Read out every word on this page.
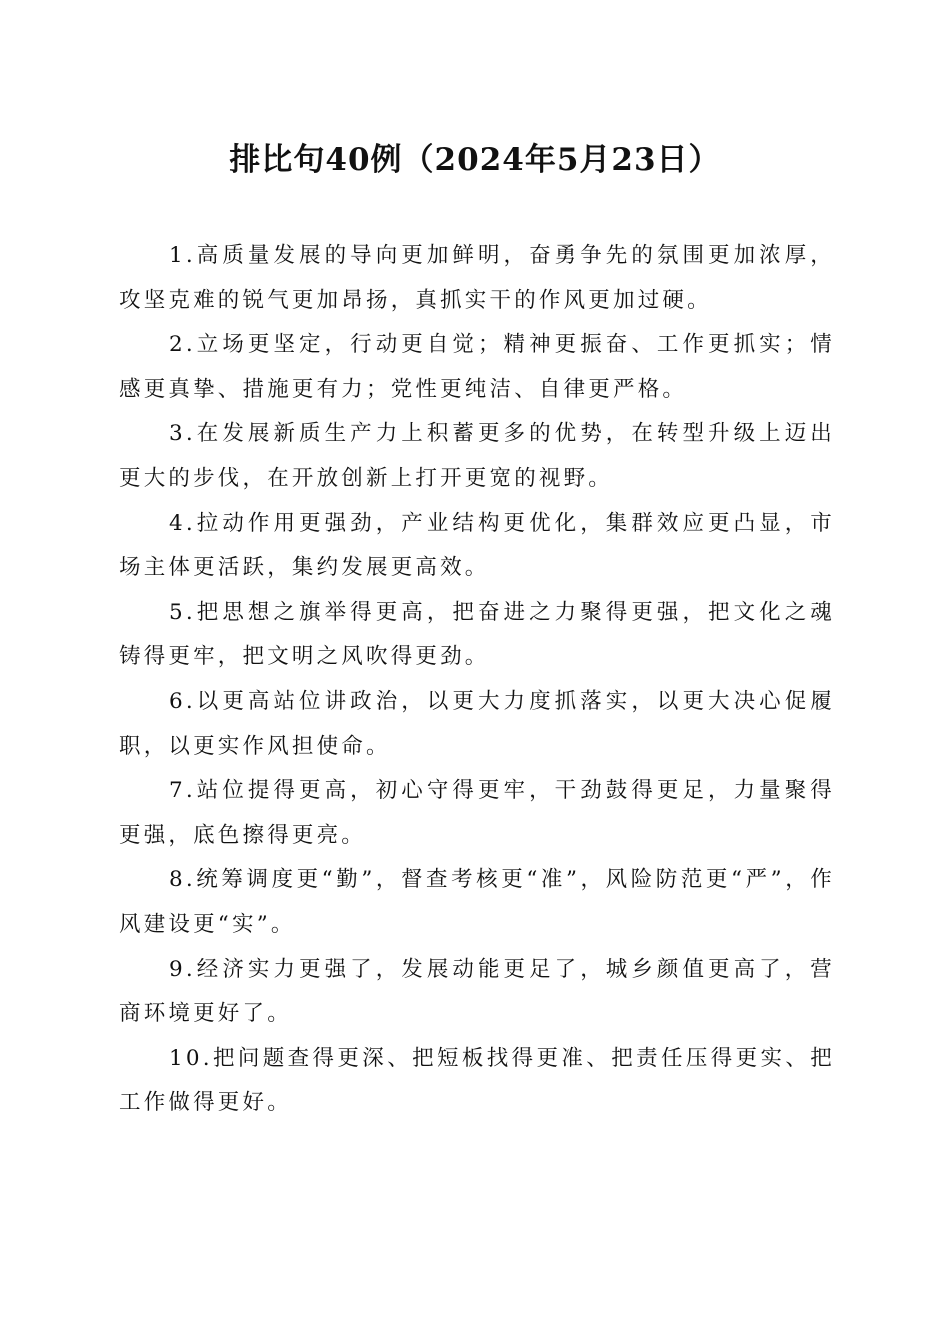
排比句40例（2024年5月23日）

1.高质量发展的导向更加鲜明，奋勇争先的氛围更加浓厚，攻坚克难的锐气更加昂扬，真抓实干的作风更加过硬。

2.立场更坚定，行动更自觉；精神更振奋、工作更抓实；情感更真挚、措施更有力；党性更纯洁、自律更严格。

3.在发展新质生产力上积蓄更多的优势，在转型升级上迈出更大的步伐，在开放创新上打开更宽的视野。

4.拉动作用更强劲，产业结构更优化，集群效应更凸显，市场主体更活跃，集约发展更高效。

5.把思想之旗举得更高，把奋进之力聚得更强，把文化之魂铸得更牢，把文明之风吹得更劲。

6.以更高站位讲政治，以更大力度抓落实，以更大决心促履职，以更实作风担使命。

7.站位提得更高，初心守得更牢，干劲鼓得更足，力量聚得更强，底色擦得更亮。

8.统筹调度更“勤”，督查考核更“准”，风险防范更“严”，作风建设更“实”。

9.经济实力更强了，发展动能更足了，城乡颜值更高了，营商环境更好了。

10.把问题查得更深、把短板找得更准、把责任压得更实、把工作做得更好。
